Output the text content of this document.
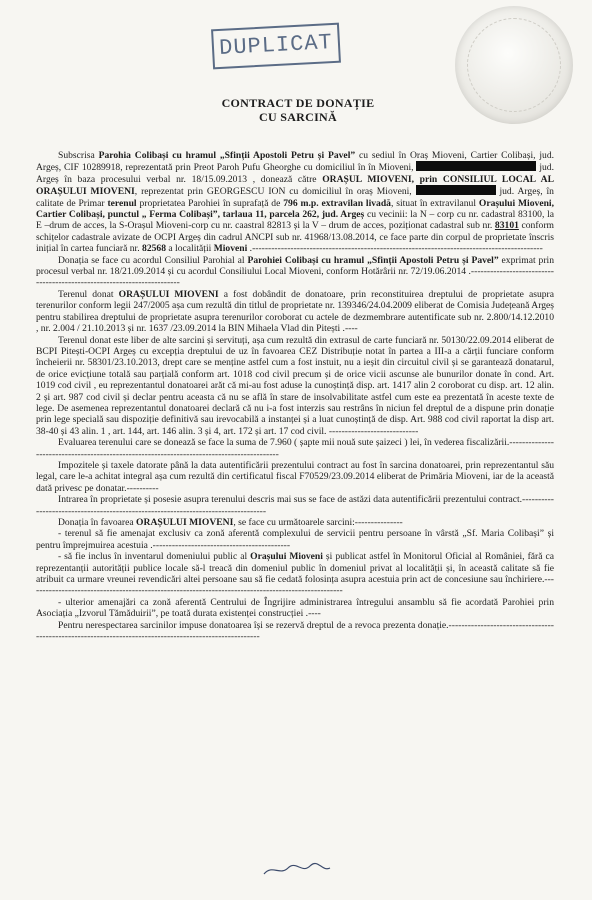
DUPLICAT
CONTRACT DE DONAȚIE
CU SARCINĂ

Subscrisa Parohia Colibași cu hramul „Sfinții Apostoli Petru și Pavel” cu sediul în Oraș Mioveni, Cartier Colibași, jud. Argeș, CIF 10289918, reprezentată prin Preot Paroh Pufu Gheorghe cu domiciliul în în Mioveni,	jud. Argeș în baza procesului verbal nr. 18/15.09.2013 , donează către ORAȘUL MIOVENI, prin CONSILIUL LOCAL AL ORAȘULUI MIOVENI, reprezentat prin GEORGESCU ION cu domiciliul în oraș Mioveni,	jud. Argeș, în calitate de Primar terenul proprietatea Parohiei în suprafață de 796 m.p. extravilan livadă, situat în extravilanul Orașului Mioveni, Cartier Colibași, punctul „ Ferma Colibași”, tarlaua 11, parcela 262, jud. Argeș cu vecinii: la N – corp cu nr. cadastral 83100, la E –drum de acces, la S-Orașul Mioveni-corp cu nr. caastral 82813 și la V – drum de acces, poziționat cadastral sub nr. 83101 conform schițelor cadastrale avizate de OCPI Argeș din cadrul ANCPI sub nr. 41968/13.08.2014, ce face parte din corpul de proprietate înscris inițial în cartea funciară nr. 82568 a localității Mioveni .-------------------------------------------------------------------------------------------

Donația se face cu acordul Consiliul Parohial al Parohiei Colibași cu hramul „Sfinții Apostoli Petru și Pavel” exprimat prin procesul verbal nr. 18/21.09.2014 și cu acordul Consiliului Local Mioveni, conform Hotărârii nr. 72/19.06.2014 .-----------------------------------------------------------------------

Terenul donat ORAȘULUI MIOVENI a fost dobândit de donatoare, prin reconstituirea dreptului de proprietate asupra terenurilor conform legii 247/2005 așa cum rezultă din titlul de proprietate nr. 139346/24.04.2009 eliberat de Comisia Județeană Argeș pentru stabilirea dreptului de proprietate asupra terenurilor coroborat cu actele de dezmembrare autentificate sub nr. 2.800/14.12.2010 , nr. 2.004 / 21.10.2013 și nr. 1637 /23.09.2014 la BIN Mihaela Vlad din Pitești .----

Terenul donat este liber de alte sarcini și servituți, așa cum rezultă din extrasul de carte funciară nr. 50130/22.09.2014 eliberat de BCPI Pitești-OCPI Argeș cu excepția dreptului de uz în favoarea CEZ Distribuție notat în partea a III-a a cărții funciare conform încheierii nr. 58301/23.10.2013, drept care se menține astfel cum a fost instuit, nu a ieșit din circuitul civil și se garantează donatarul, de orice evicțiune totală sau parțială conform art. 1018 cod civil precum și de orice vicii ascunse ale bunurilor donate în cond. Art. 1019 cod civil , eu reprezentantul donatoarei arăt că mi-au fost aduse la cunoștință disp. art. 1417 alin 2 coroborat cu disp. art. 12 alin. 2 și art. 987 cod civil și declar pentru aceasta că nu se află în stare de insolvabilitate astfel cum este ea prezentată în aceste texte de lege. De asemenea reprezentantul donatoarei declară că nu i-a fost interzis sau restrâns în niciun fel dreptul de a dispune prin donație prin lege specială sau dispoziție definitivă sau irevocabilă a instanței și a luat cunoștință de disp. Art. 988 cod civil raportat la disp art. 38-40 și 43 alin. 1 , art. 144, art. 146 alin. 3 și 4, art. 172 și art. 17 cod civil. ----------------------------

Evaluarea terenului care se donează se face la suma de 7.960 ( șapte mii nouă sute șaizeci ) lei, în vederea fiscalizării.------------------------------------------------------------------------------------------

Impozitele și taxele datorate până la data autentificării prezentului contract au fost în sarcina donatoarei, prin reprezentantul său legal, care le-a achitat integral așa cum rezultă din certificatul fiscal F70529/23.09.2014 eliberat de Primăria Mioveni, iar de la această dată privesc pe donatar.----------

Intrarea în proprietate și posesie asupra terenului descris mai sus se face de astăzi data autentificării prezentului contract.----------------------------------------------------------------------------------

Donația în favoarea ORAȘULUI MIOVENI, se face cu următoarele sarcini:---------------

- terenul să fie amenajat exclusiv ca zonă aferentă complexului de servicii pentru persoane în vârstă „Sf. Maria Colibași” și pentru împrejmuirea acestuia .-------------------------------------------

- să fie inclus în inventarul domeniului public al Orașului Mioveni și publicat astfel în Monitorul Oficial al României, fără ca reprezentanții autorității publice locale să-l treacă din domeniul public în domeniul privat al localității și, în această calitate să fie atribuit ca urmare vreunei revendicări altei persoane sau să fie cedată folosința asupra acestuia prin act de concesiune sau închiriere.---------------------------------------------------------------------------------------------------

- ulterior amenajări ca zonă aferentă Centrului de Îngrijire administrarea întregului ansamblu să fie acordată Parohiei prin Asociația „Izvorul Tămăduirii”, pe toată durata existenței construcției .----

Pentru nerespectarea sarcinilor impuse donatoarea își se rezervă dreptul de a revoca prezenta donație.-------------------------------------------------------------------------------------------------------
